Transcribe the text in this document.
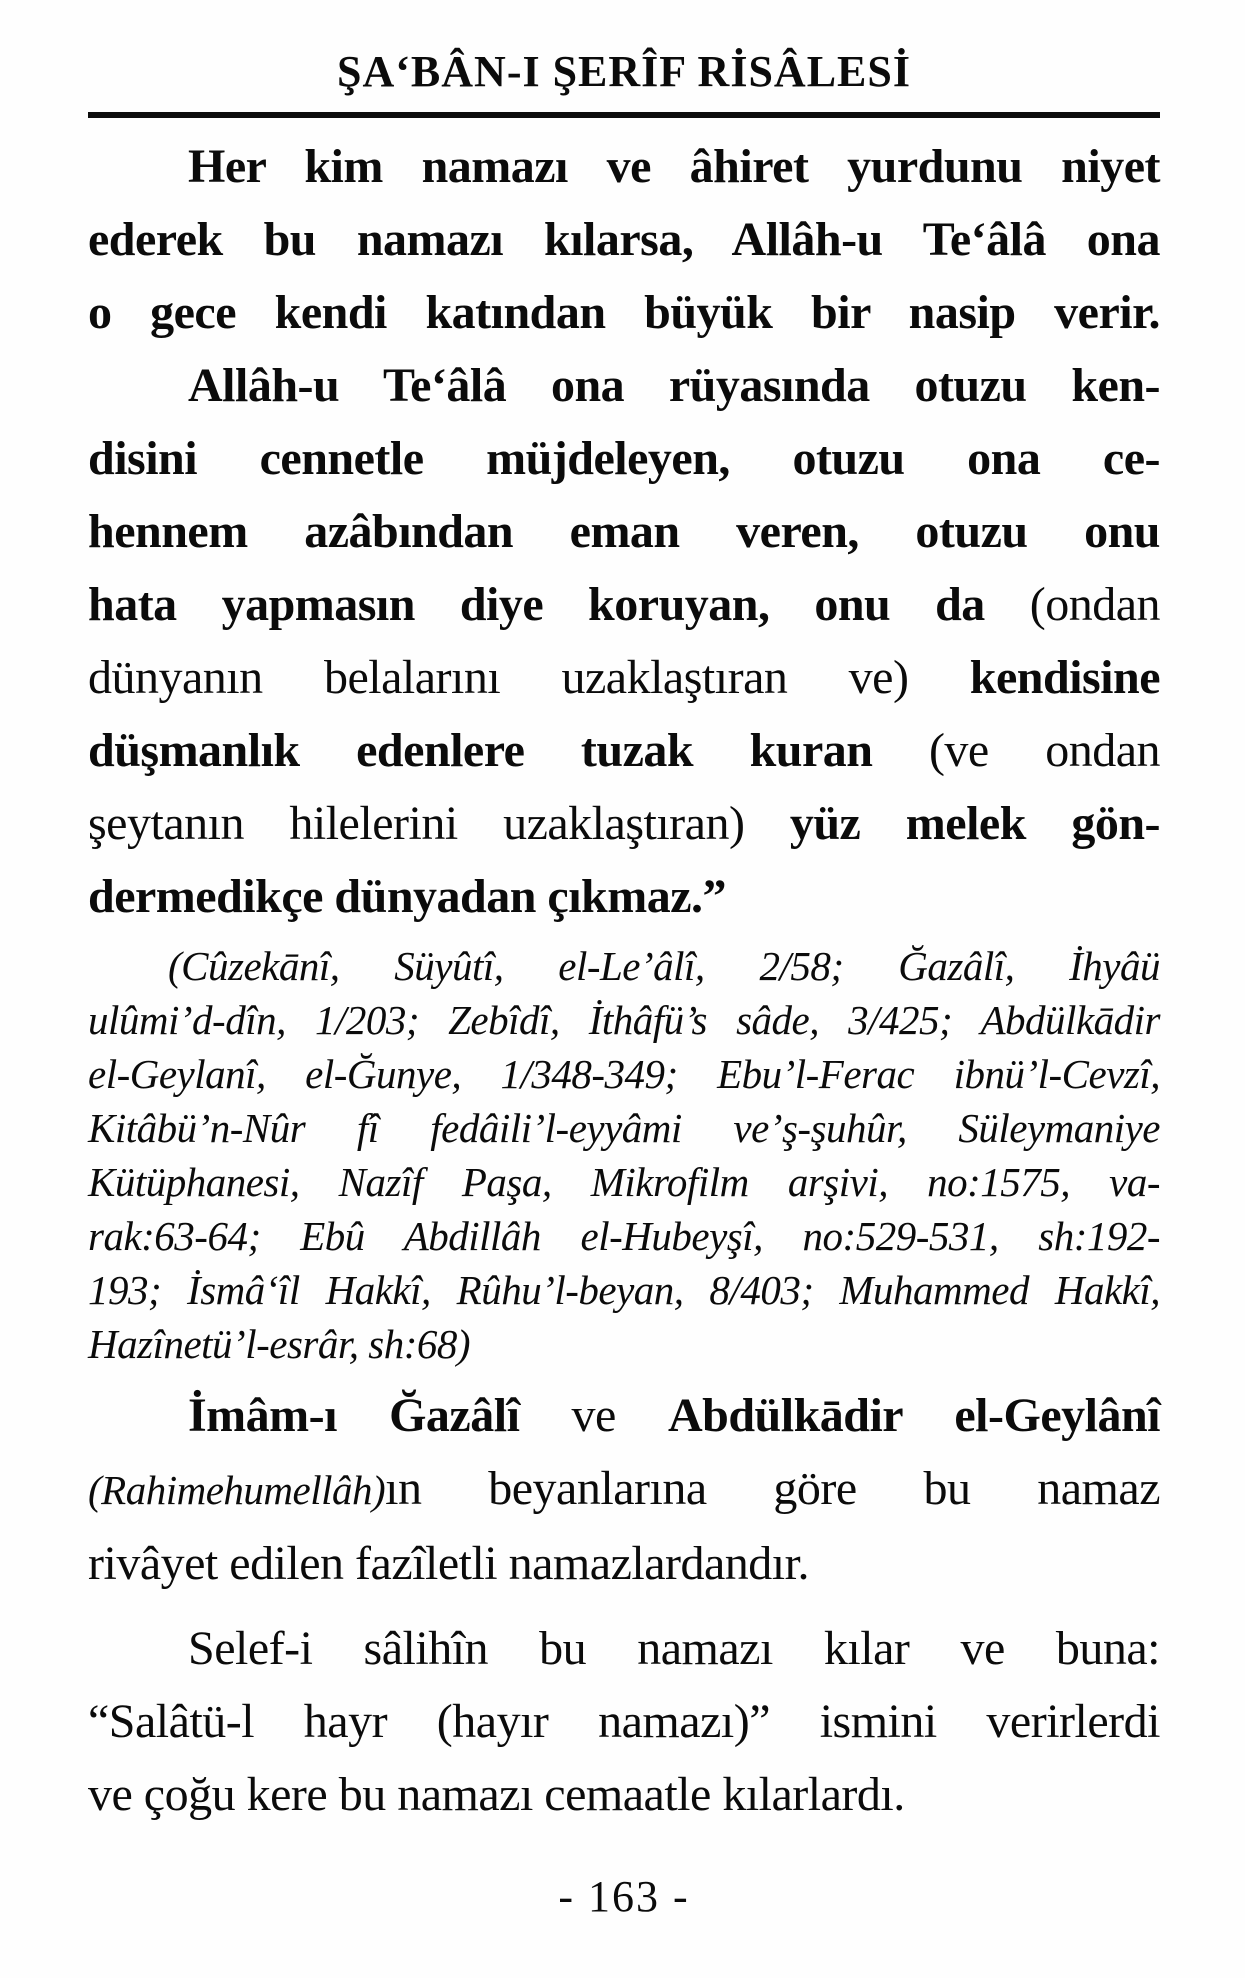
ŞA‘BÂN-I ŞERÎF RİSÂLESİ
Her kim namazı ve âhiret yurdunu niyet
ederek bu namazı kılarsa, Allâh-u Te‘âlâ ona
o gece kendi katından büyük bir nasip verir.
Allâh-u Te‘âlâ ona rüyasında otuzu ken-
disini cennetle müjdeleyen, otuzu ona ce-
hennem azâbından eman veren, otuzu onu
hata yapmasın diye koruyan, onu da (ondan
dünyanın belalarını uzaklaştıran ve) kendisine
düşmanlık edenlere tuzak kuran (ve ondan
şeytanın hilelerini uzaklaştıran) yüz melek gön-
dermedikçe dünyadan çıkmaz.”
(Cûzekānî, Süyûtî, el-Le’âlî, 2/58; Ğazâlî, İhyâü
ulûmi’d-dîn, 1/203; Zebîdî, İthâfü’s sâde, 3/425; Abdülkādir
el-Geylanî, el-Ğunye, 1/348-349; Ebu’l-Ferac ibnü’l-Cevzî,
Kitâbü’n-Nûr fî fedâili’l-eyyâmi ve’ş-şuhûr, Süleymaniye
Kütüphanesi, Nazîf Paşa, Mikrofilm arşivi, no:1575, va-
rak:63-64; Ebû Abdillâh el-Hubeyşî, no:529-531, sh:192-
193; İsmâ‘îl Hakkî, Rûhu’l-beyan, 8/403; Muhammed Hakkî,
Hazînetü’l-esrâr, sh:68)
İmâm-ı Ğazâlî ve Abdülkādir el-Geylânî
(Rahimehumellâh)ın beyanlarına göre bu namaz
rivâyet edilen fazîletli namazlardandır.
Selef-i sâlihîn bu namazı kılar ve buna:
“Salâtü-l hayr (hayır namazı)” ismini verirlerdi
ve çoğu kere bu namazı cemaatle kılarlardı.
- 163 -
